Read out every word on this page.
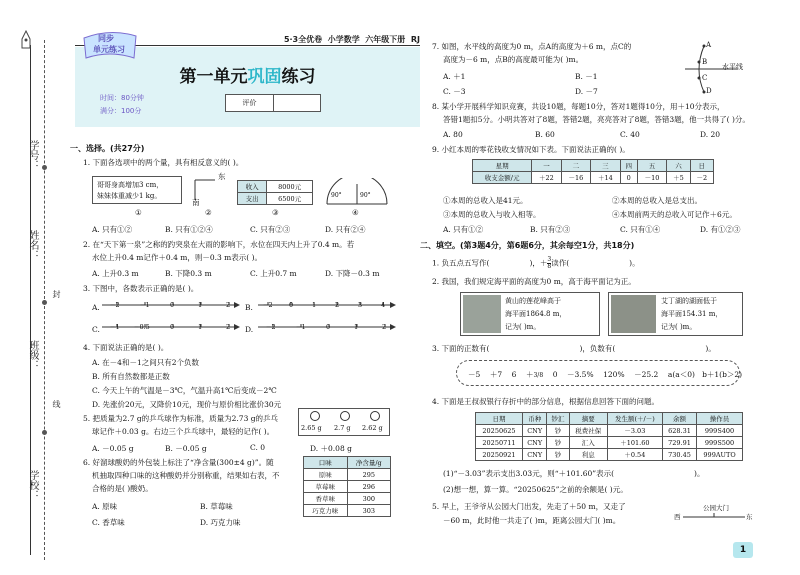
学号：
姓名：
封
班级：
线
学校：
5·3全优卷 小学数学 六年级下册 RJ
同步
单元练习
第一单元巩固练习
时间：80分钟
满分：100分
评价
一、选择。(共27分)
1. 下面各选项中的两个量，具有相反意义的( )。
哥哥身高增加3 cm，
妹妹体重减少1 kg。
东
南
收入	8000元
支出	6500元	90°	90°
①	②	③	④
A. 只有①②	B. 只有①②④	C. 只有②③	D. 只有②④
2. 在“天下第一泉”之称的趵突泉在大雨的影响下，水位在四天内上升了0.4 m。若
水位上升0.4 m记作＋0.4 m，则－0.3 m表示( )。
A. 上升0.3 m	B. 下降0.3 m	C. 上升0.7 m	D. 下降－0.3 m
3. 下图中，各数表示正确的是( )。
A.	B.
C.	D.
−2	−1	0	1	2	−2	0	1	2	3	4
−1 −0.5	0	1	2	−2	−1	0	1	2
4. 下面说法正确的是( )。
A. 在－4和－1之间只有2个负数
B. 所有自然数都是正数
C. 今天上午的气温是－3℃，气温升高1℃后变成－2℃
D. 先涨价20元，又降价10元，现价与原价相比涨价30元
5. 把质量为2.7 g的乒乓球作为标准，质量为2.73 g的乒乓
球记作＋0.03 g。右边三个乒乓球中，最轻的记作( )。	2.65 g 2.7 g 2.62 g
A. －0.05 g	B. －0.05 g	C. 0	D. ＋0.08 g
6. 好溜球酸奶的外包装上标注了“净含量(300±4 g)”。随
机抽取四种口味的这种酸奶并分别称重，结果如右表，不
合格的是( )酸奶。
口味	净含量/g
原味	295
草莓味	296
香草味	300
巧克力味	303
A. 原味	B. 草莓味
C. 香草味	D. 巧克力味
7. 如图，水平线的高度为0 m，点A的高度为＋6 m，点C的
高度为－6 m，点B的高度最可能为( )m。
A. ＋1	B. －1
C. －3	D. －7
A
B
C
D
水平线
8. 某小学开展科学知识竞赛，共设10题，每题10分，答对1题得10分，用＋10分表示，
答错1题扣5分。小明共答对了8题，答错2题，亮亮答对了8题，答错3题，他一共得了( )分。
A. 80	B. 60	C. 40	D. 20
9. 小红本周的零花钱收支情况如下表。下面说法正确的( )。
星期	一	二	三	四	五	六	日
收支金额/元	＋22	－16	＋14	0	－10	＋5	－2
①本周的总收入是41元。	②本周的总收入是总支出。
③本周的总收入与收入相等。	④本周前两天的总收入可记作＋6元。
A. 只有①②	B. 只有②③	C. 只有①④	D. 有①②③
二、填空。(第3题4分，第6题6分，其余每空1分，共18分)
1. 负五点五写作(	)，$+\frac{3}{8}$读作(	)。
2. 我国，我们规定海平面的高度为0 m，高于海平面记为正。
黄山的莲花峰高于
海平面1864.8 m，
记为( )m。
艾丁湖的湖面低于
海平面154.31 m，
记为( )m。
3. 下面的正数有(	)，负数有(	)。
－5 ＋7 6 ＋3/8 0 －3.5% 120% －25.2 a(a＜0) b＋1(b＞2)
4. 下面是王叔叔银行存折中的部分信息，根据信息回答下面的问题。
日期	币种	钞汇	摘要	发生额(＋/－)	余额	操作员
20250625	CNY	钞	税费社保	－3.03	628.31	999S400
20250711	CNY	钞	汇入	＋101.60	729.91	999S500
20250921	CNY	钞	利息	＋0.54	730.45	999AUTO
(1)“－3.03”表示支出3.03元，则“＋101.60”表示(	)。
(2)想一想，算一算。“20250625”之前的余额是( )元。
5. 早上，王爷爷从公园大门出发，先走了＋50 m，又走了
－60 m，此时他一共走了( )m，距离公园大门( )m。
公园大门
西	东
1
